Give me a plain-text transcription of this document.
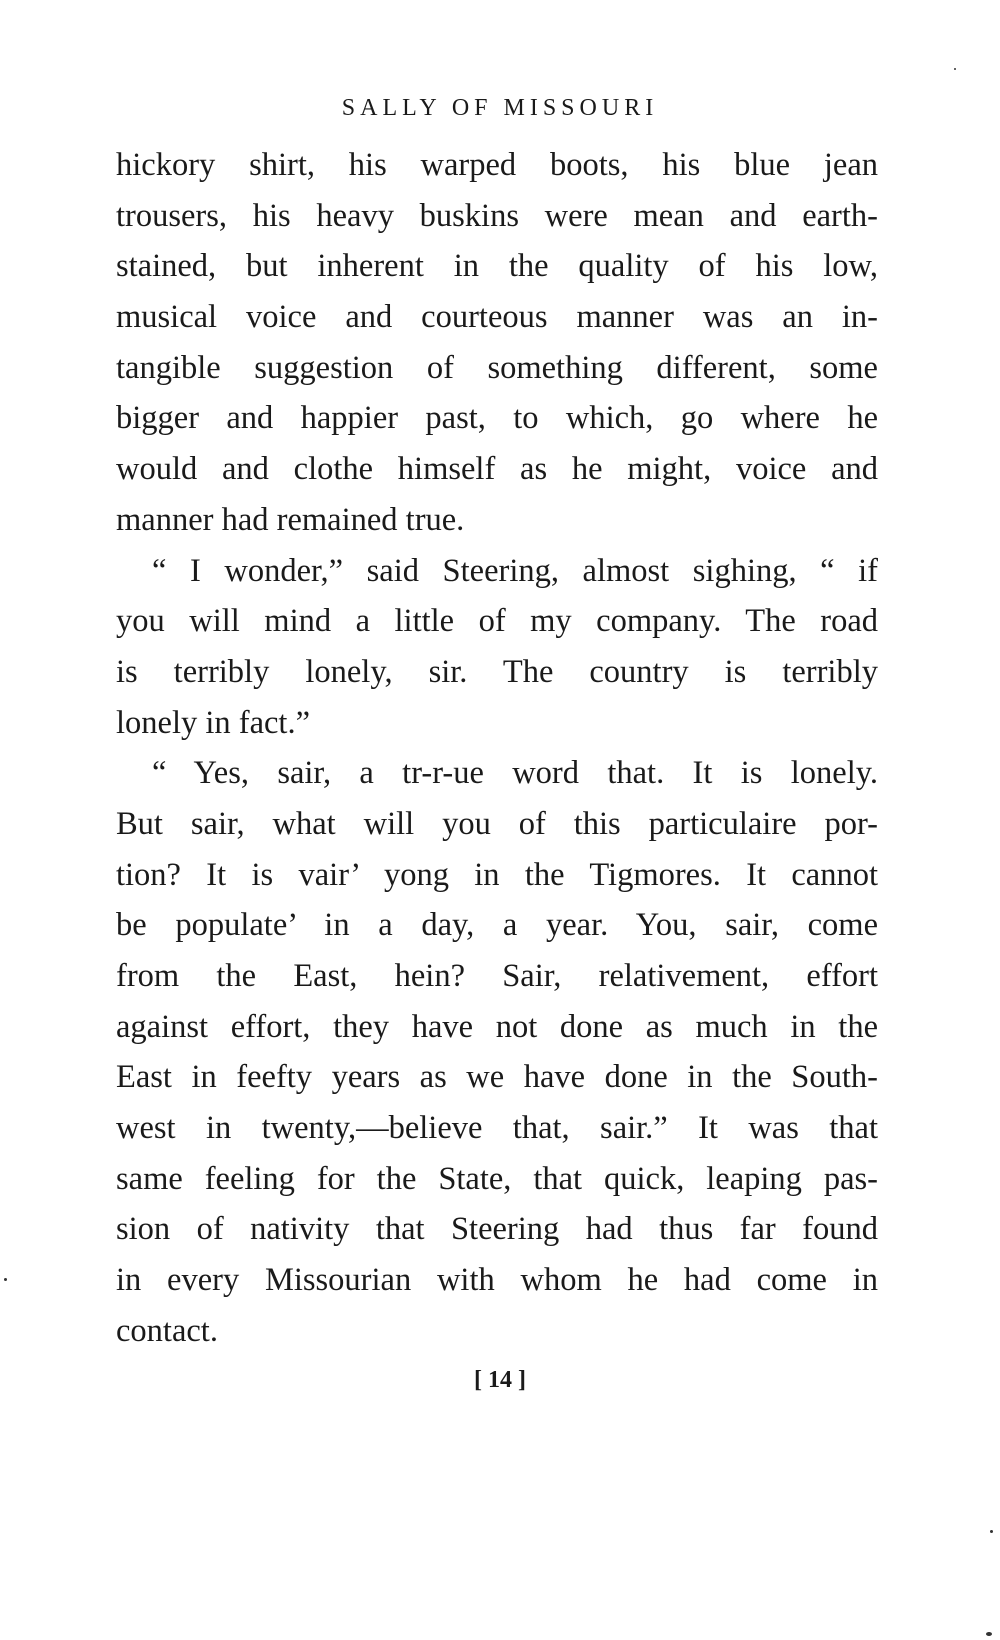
SALLY OF MISSOURI
hickory shirt, his warped boots, his blue jean
trousers, his heavy buskins were mean and earth-
stained, but inherent in the quality of his low,
musical voice and courteous manner was an in-
tangible suggestion of something different, some
bigger and happier past, to which, go where he
would and clothe himself as he might, voice and
manner had remained true.
“ I wonder,” said Steering, almost sighing, “ if
you will mind a little of my company. The road
is terribly lonely, sir. The country is terribly
lonely in fact.”
“ Yes, sair, a tr-r-ue word that. It is lonely.
But sair, what will you of this particulaire por-
tion? It is vair’ yong in the Tigmores. It cannot
be populate’ in a day, a year. You, sair, come
from the East, hein? Sair, relativement, effort
against effort, they have not done as much in the
East in feefty years as we have done in the South-
west in twenty,—believe that, sair.” It was that
same feeling for the State, that quick, leaping pas-
sion of nativity that Steering had thus far found
in every Missourian with whom he had come in
contact.
[ 14 ]
